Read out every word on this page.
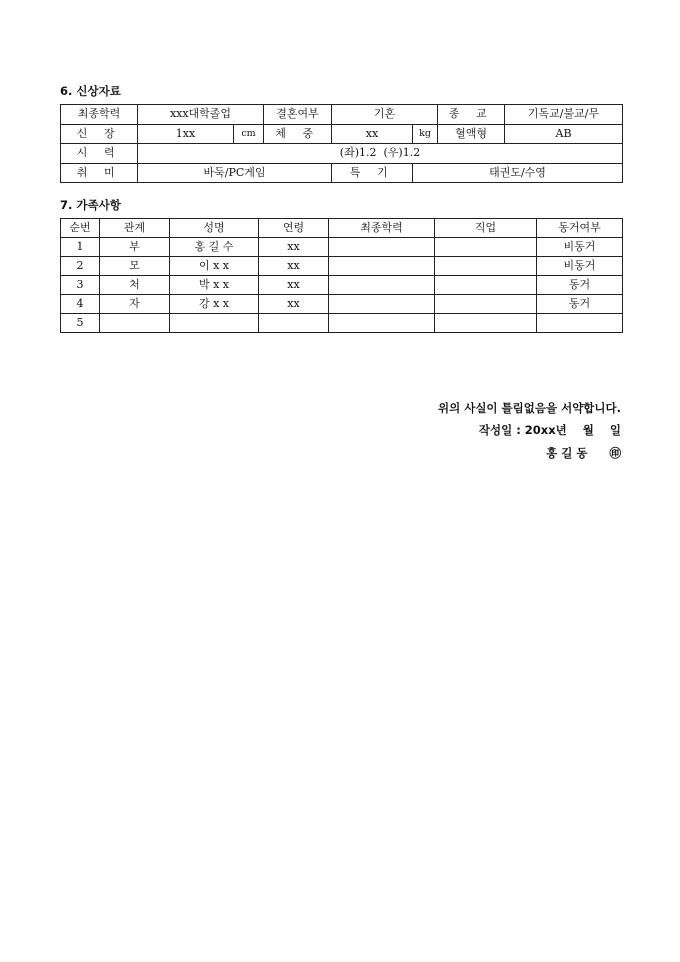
6. 신상자료
최종학력	xxx대학졸업		결혼여부	기혼		종 교	기독교/불교/무
신 장	1xx	cm	체 중	xx	kg	혈액형	AB
시 력	(좌)1.2  (우)1.2						
취 미	바둑/PC게임			특 기	태권도/수영		
7. 가족사항
순번	관계	성명	연령	최종학력	직업	동거여부
1	부	홍 길 수	xx			비동거
2	모	이 x x	xx			비동거
3	처	박 x x	xx			동거
4	자	강 x x	xx			동거
5						
위의 사실이 틀림없음을 서약합니다.
작성일 : 20xx년    월    일
홍 길 동 ㊞
